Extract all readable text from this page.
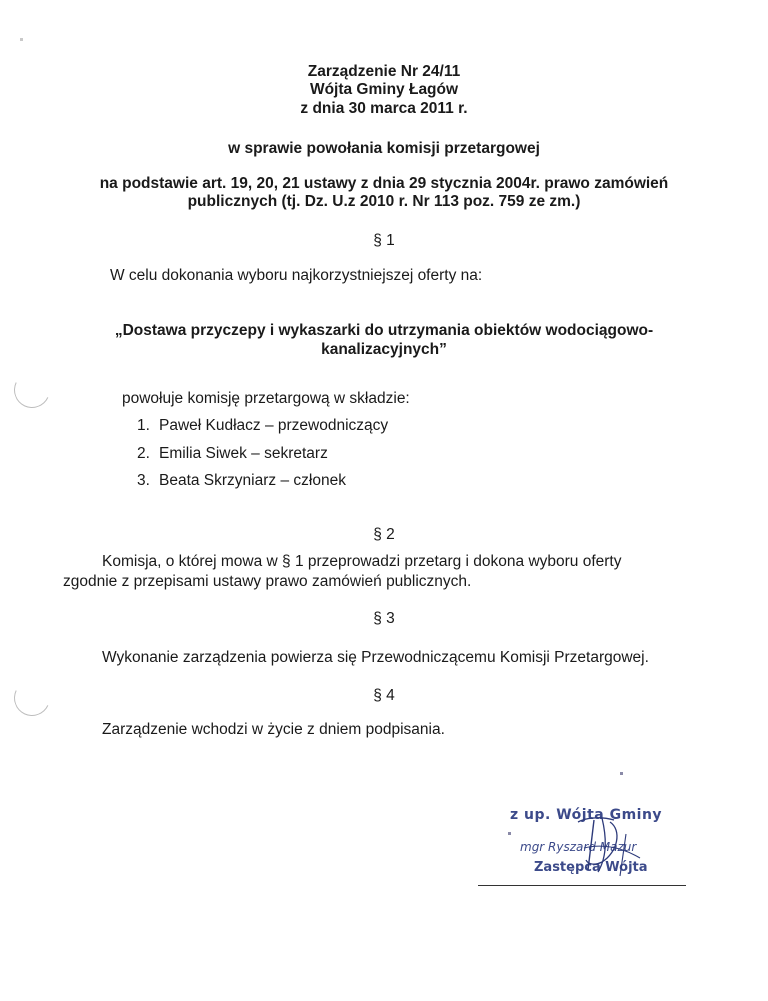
Zarządzenie Nr 24/11
Wójta Gminy Łagów
z dnia 30 marca 2011 r.
w sprawie powołania komisji przetargowej
na podstawie art. 19, 20, 21 ustawy z dnia 29 stycznia 2004r. prawo zamówień
publicznych (tj. Dz. U.z 2010 r. Nr 113 poz. 759 ze zm.)
§ 1
W celu dokonania wyboru najkorzystniejszej oferty na:
„Dostawa przyczepy i wykaszarki do utrzymania obiektów wodociągowo-
kanalizacyjnych”
powołuje komisję przetargową w składzie:
1. Paweł Kudłacz – przewodniczący
2. Emilia Siwek – sekretarz
3. Beata Skrzyniarz – członek
§ 2
Komisja, o której mowa w § 1 przeprowadzi przetarg i dokona wyboru oferty
zgodnie z przepisami ustawy prawo zamówień publicznych.
§ 3
Wykonanie zarządzenia powierza się Przewodniczącemu Komisji Przetargowej.
§ 4
Zarządzenie wchodzi w życie z dniem podpisania.
z up. Wójta Gminy
mgr Ryszard Mazur
Zastępca Wójta
